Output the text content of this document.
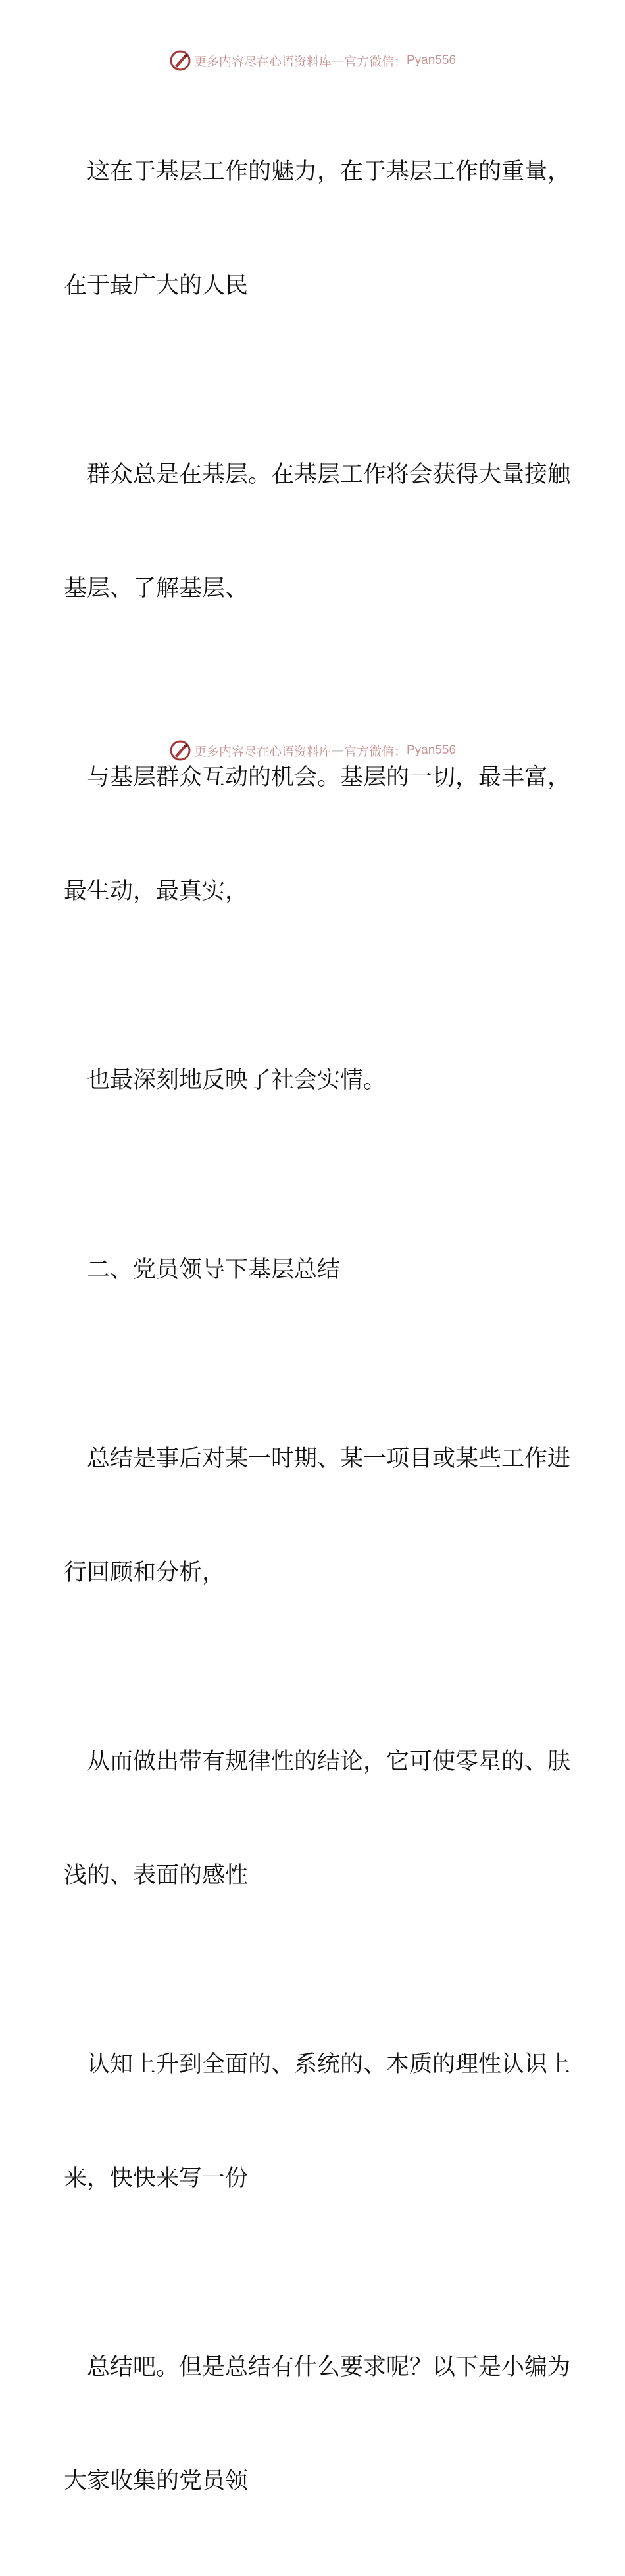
更多内容尽在心语资料库 — 官方微信： Pyan556

　这在于基层工作的魅力，在于基层工作的重量，

在于最广大的人民

　群众总是在基层。在基层工作将会获得大量接触

基层、了解基层、

　与基层群众互动的机会。基层的一切，最丰富，

最生动，最真实，

　也最深刻地反映了社会实情。

　二、党员领导下基层总结

　总结是事后对某一时期、某一项目或某些工作进

行回顾和分析，

　从而做出带有规律性的结论，它可使零星的、肤

浅的、表面的感性

　认知上升到全面的、系统的、本质的理性认识上

来，快快来写一份

　总结吧。但是总结有什么要求呢？以下是小编为

大家收集的党员领

更多内容尽在心语资料库 — 官方微信： Pyan556
